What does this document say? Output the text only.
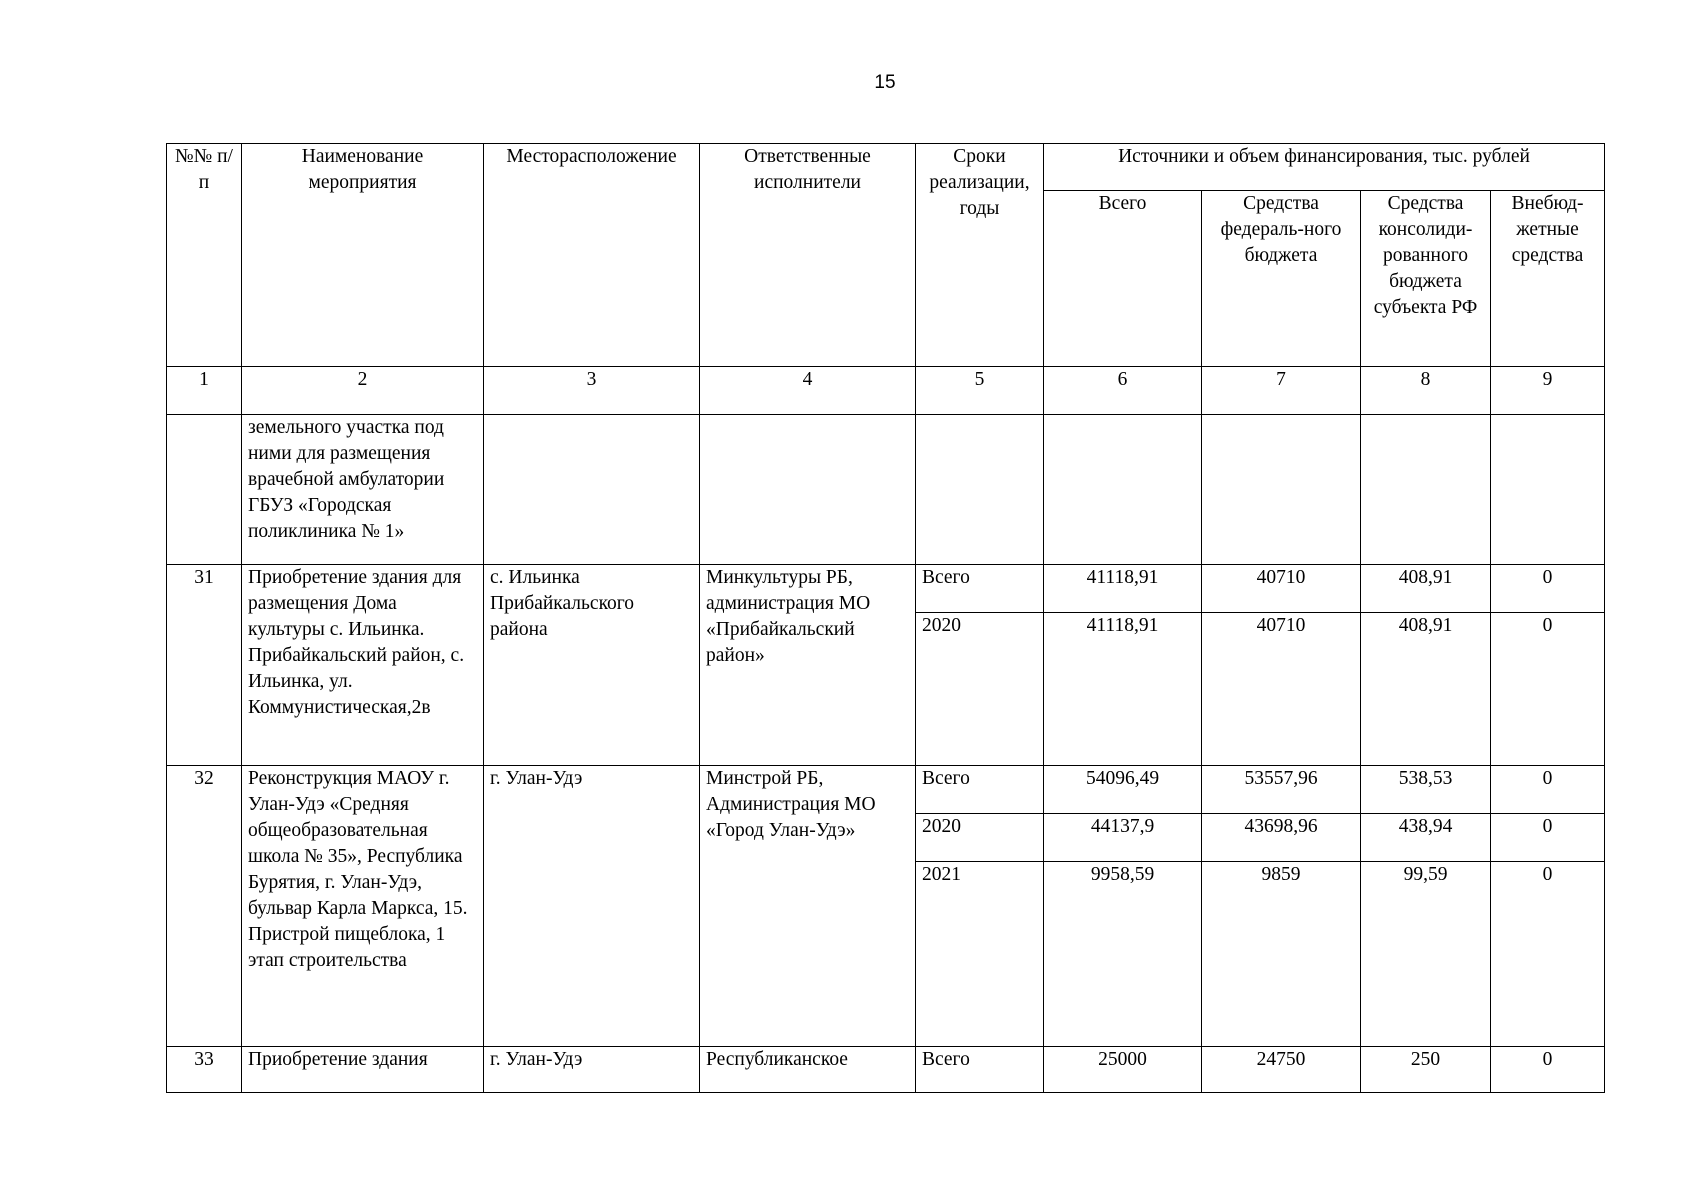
15
№№ п/п	Наименование мероприятия	Месторасположение	Ответственные исполнители	Сроки реализации, годы	Источники и объем финансирования, тыс. рублей			
					Всего	Средства федераль-ного бюджета	Средства консолиди-рованного бюджета субъекта РФ	Внебюд-жетные средства
1	2	3	4	5	6	7	8	9
	земельного участка под ними для размещения врачебной амбулатории ГБУЗ «Городская поликлиника № 1»							
31	Приобретение здания для размещения Дома культуры с. Ильинка. Прибайкальский район, с. Ильинка, ул. Коммунистическая,2в	с. Ильинка Прибайкальского района	Минкультуры РБ, администрация МО «Прибайкальский район»	Всего	41118,91	40710	408,91	0
				2020	41118,91	40710	408,91	0
32	Реконструкция МАОУ г. Улан-Удэ «Средняя общеобразовательная школа № 35», Республика Бурятия, г. Улан-Удэ, бульвар Карла Маркса, 15. Пристрой пищеблока, 1 этап строительства	г. Улан-Удэ	Минстрой РБ, Администрация МО «Город Улан-Удэ»	Всего	54096,49	53557,96	538,53	0
				2020	44137,9	43698,96	438,94	0
				2021	9958,59	9859	99,59	0
33	Приобретение здания	г. Улан-Удэ	Республиканское	Всего	25000	24750	250	0
